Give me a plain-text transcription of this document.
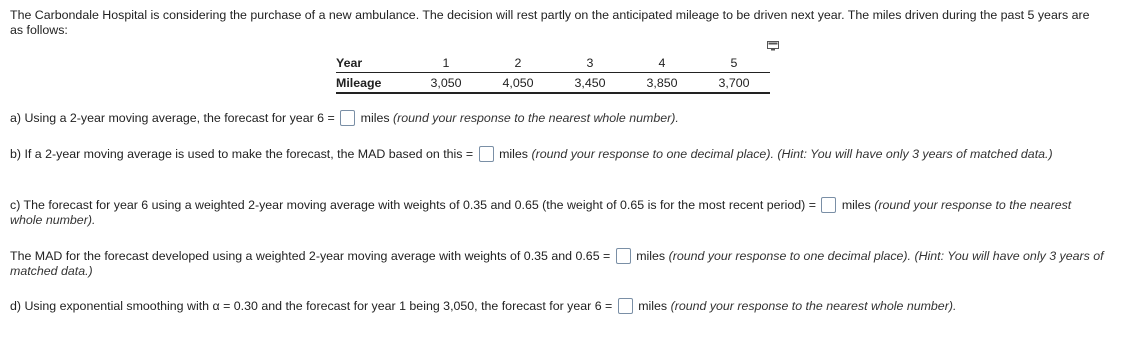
The Carbondale Hospital is considering the purchase of a new ambulance. The decision will rest partly on the anticipated mileage to be driven next year. The miles driven during the past 5 years are as follows:
Year	1	2	3	4	5
Mileage	3,050	4,050	3,450	3,850	3,700
a) Using a 2-year moving average, the forecast for year 6 = miles (round your response to the nearest whole number).
b) If a 2-year moving average is used to make the forecast, the MAD based on this = miles (round your response to one decimal place). (Hint: You will have only 3 years of matched data.)
c) The forecast for year 6 using a weighted 2-year moving average with weights of 0.35 and 0.65 (the weight of 0.65 is for the most recent period) = miles (round your response to the nearest whole number).
The MAD for the forecast developed using a weighted 2-year moving average with weights of 0.35 and 0.65 = miles (round your response to one decimal place). (Hint: You will have only 3 years of matched data.)
d) Using exponential smoothing with α = 0.30 and the forecast for year 1 being 3,050, the forecast for year 6 = miles (round your response to the nearest whole number).
